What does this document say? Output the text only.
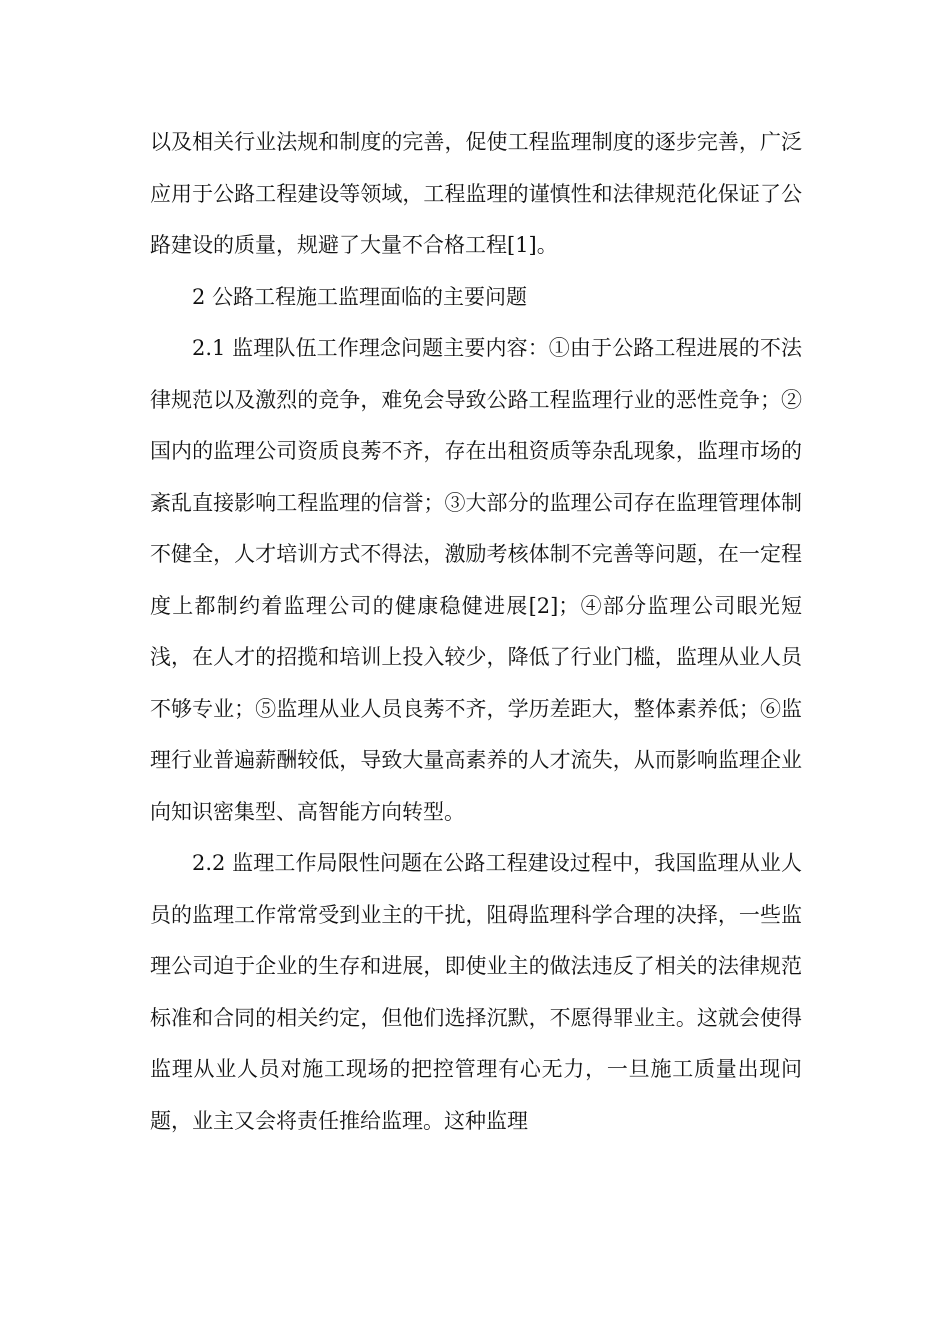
以及相关行业法规和制度的完善，促使工程监理制度的逐步完善，广泛应用于公路工程建设等领域，工程监理的谨慎性和法律规范化保证了公路建设的质量，规避了大量不合格工程[1]。

2 公路工程施工监理面临的主要问题

2.1 监理队伍工作理念问题主要内容：①由于公路工程进展的不法律规范以及激烈的竞争，难免会导致公路工程监理行业的恶性竞争；②国内的监理公司资质良莠不齐，存在出租资质等杂乱现象，监理市场的紊乱直接影响工程监理的信誉；③大部分的监理公司存在监理管理体制不健全，人才培训方式不得法，激励考核体制不完善等问题，在一定程度上都制约着监理公司的健康稳健进展[2]；④部分监理公司眼光短浅，在人才的招揽和培训上投入较少，降低了行业门槛，监理从业人员不够专业；⑤监理从业人员良莠不齐，学历差距大，整体素养低；⑥监理行业普遍薪酬较低，导致大量高素养的人才流失，从而影响监理企业向知识密集型、高智能方向转型。

2.2 监理工作局限性问题在公路工程建设过程中，我国监理从业人员的监理工作常常受到业主的干扰，阻碍监理科学合理的决择，一些监理公司迫于企业的生存和进展，即使业主的做法违反了相关的法律规范标准和合同的相关约定，但他们选择沉默，不愿得罪业主。这就会使得监理从业人员对施工现场的把控管理有心无力，一旦施工质量出现问题，业主又会将责任推给监理。这种监理
